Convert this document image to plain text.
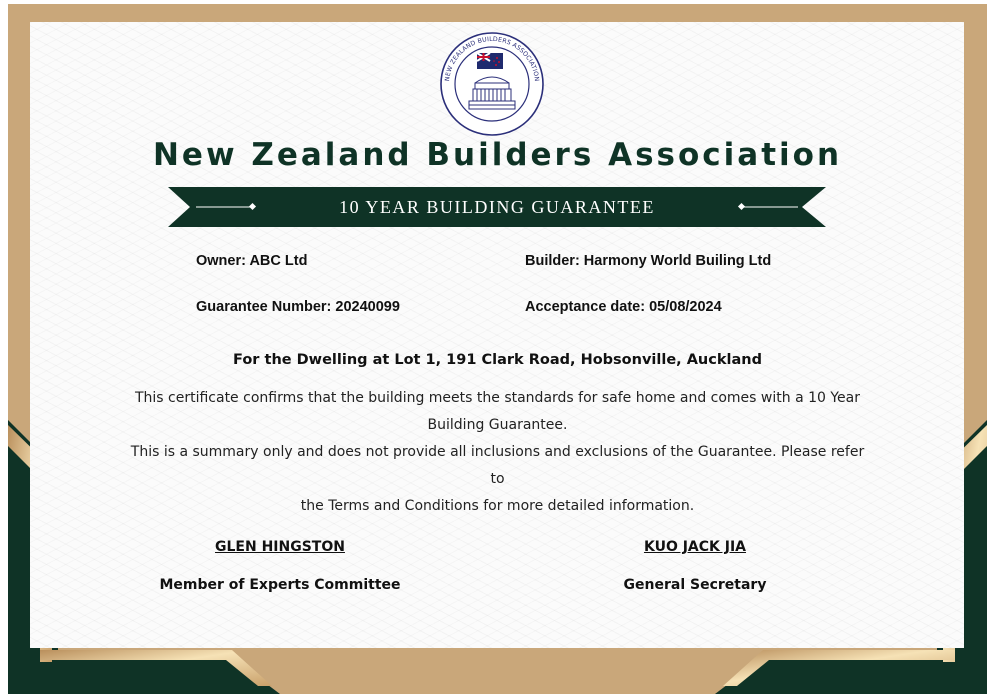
NEW ZEALAND BUILDERS ASSOCIATION
New Zealand Builders Association
10 YEAR BUILDING GUARANTEE
Owner: ABC Ltd	Builder: Harmony World Builing Ltd
Guarantee Number: 20240099	Acceptance date: 05/08/2024
For the Dwelling at Lot 1, 191 Clark Road, Hobsonville, Auckland

This certificate confirms that the building meets the standards for safe home and comes with a 10 Year
Building Guarantee.
This is a summary only and does not provide all inclusions and exclusions of the Guarantee. Please refer to
the Terms and Conditions for more detailed information.

GLEN HINGSTON
Member of Experts Committee
KUO JACK JIA
General Secretary
